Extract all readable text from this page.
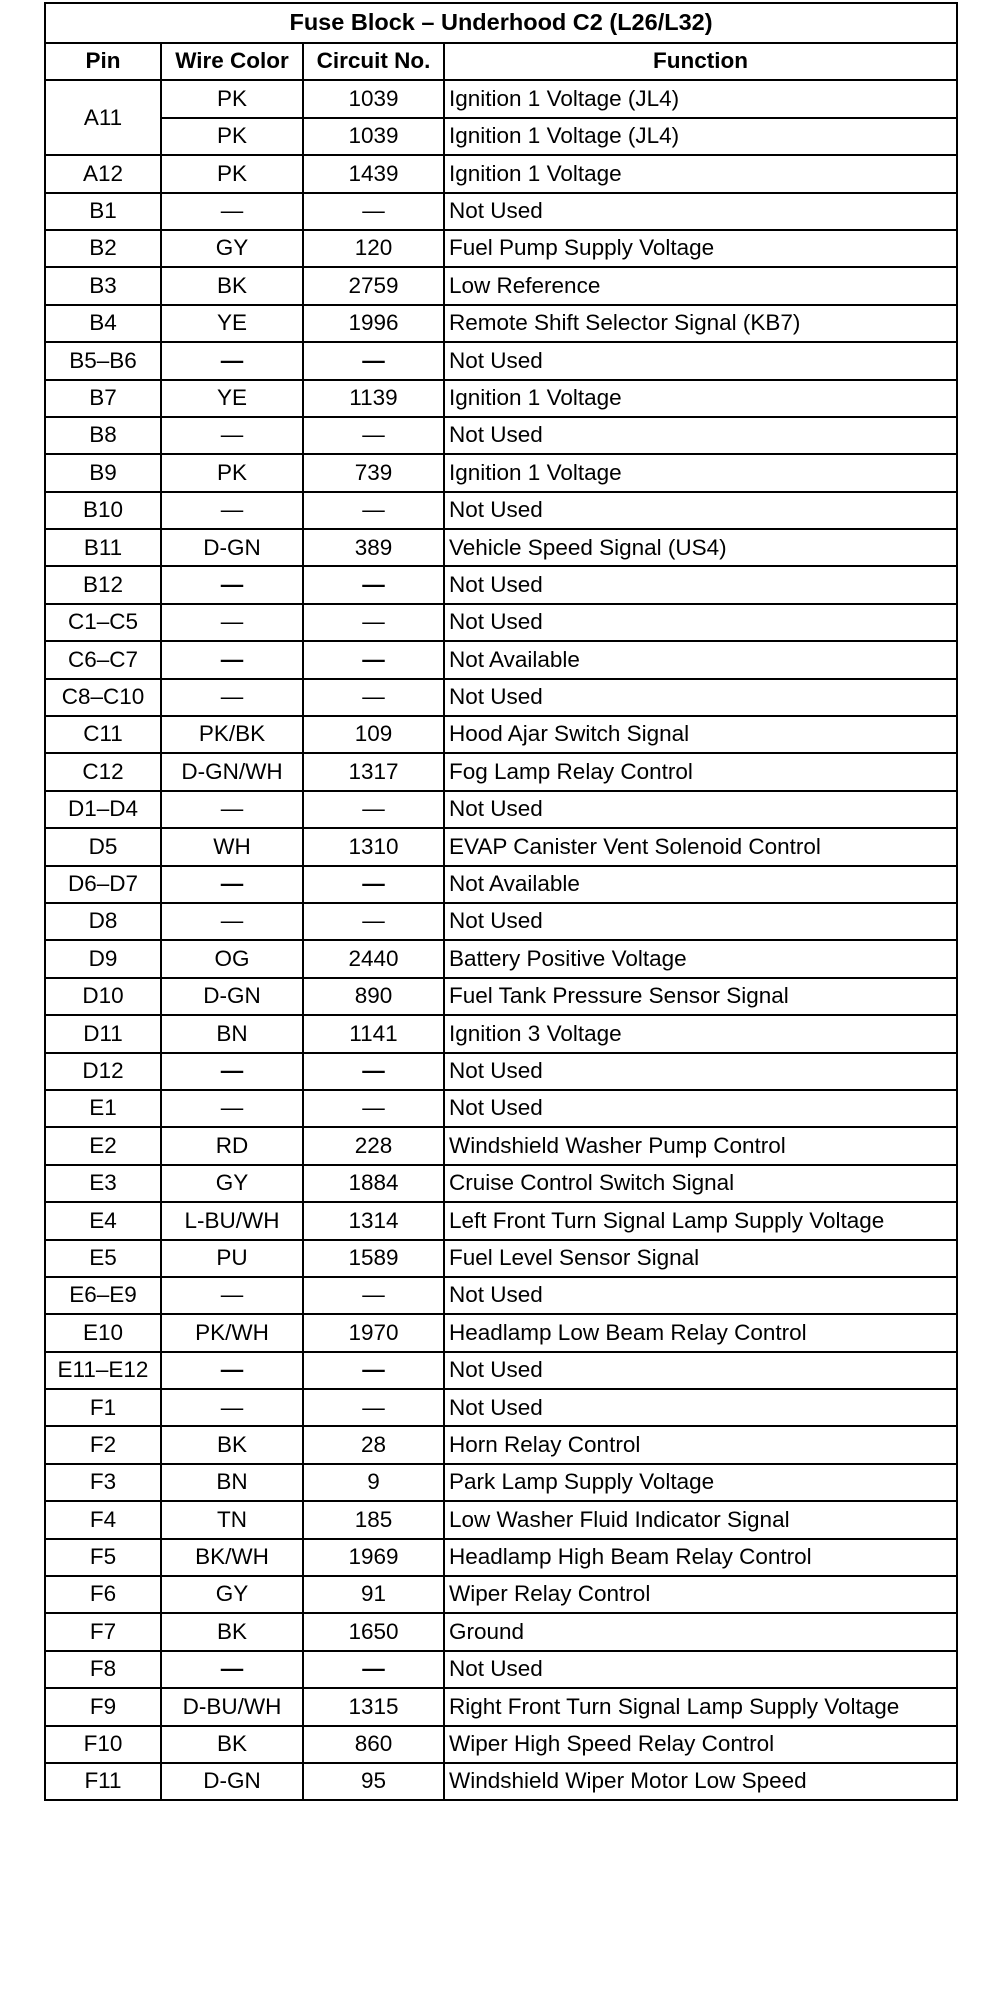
Fuse Block – Underhood C2 (L26/L32)			
Pin	Wire Color	Circuit No.	Function
A11	PK	1039	Ignition 1 Voltage (JL4)
	PK	1039	Ignition 1 Voltage (JL4)
A12	PK	1439	Ignition 1 Voltage
B1	—	—	Not Used
B2	GY	120	Fuel Pump Supply Voltage
B3	BK	2759	Low Reference
B4	YE	1996	Remote Shift Selector Signal (KB7)
B5–B6	—	—	Not Used
B7	YE	1139	Ignition 1 Voltage
B8	—	—	Not Used
B9	PK	739	Ignition 1 Voltage
B10	—	—	Not Used
B11	D-GN	389	Vehicle Speed Signal (US4)
B12	—	—	Not Used
C1–C5	—	—	Not Used
C6–C7	—	—	Not Available
C8–C10	—	—	Not Used
C11	PK/BK	109	Hood Ajar Switch Signal
C12	D-GN/WH	1317	Fog Lamp Relay Control
D1–D4	—	—	Not Used
D5	WH	1310	EVAP Canister Vent Solenoid Control
D6–D7	—	—	Not Available
D8	—	—	Not Used
D9	OG	2440	Battery Positive Voltage
D10	D-GN	890	Fuel Tank Pressure Sensor Signal
D11	BN	1141	Ignition 3 Voltage
D12	—	—	Not Used
E1	—	—	Not Used
E2	RD	228	Windshield Washer Pump Control
E3	GY	1884	Cruise Control Switch Signal
E4	L-BU/WH	1314	Left Front Turn Signal Lamp Supply Voltage
E5	PU	1589	Fuel Level Sensor Signal
E6–E9	—	—	Not Used
E10	PK/WH	1970	Headlamp Low Beam Relay Control
E11–E12	—	—	Not Used
F1	—	—	Not Used
F2	BK	28	Horn Relay Control
F3	BN	9	Park Lamp Supply Voltage
F4	TN	185	Low Washer Fluid Indicator Signal
F5	BK/WH	1969	Headlamp High Beam Relay Control
F6	GY	91	Wiper Relay Control
F7	BK	1650	Ground
F8	—	—	Not Used
F9	D-BU/WH	1315	Right Front Turn Signal Lamp Supply Voltage
F10	BK	860	Wiper High Speed Relay Control
F11	D-GN	95	Windshield Wiper Motor Low Speed
